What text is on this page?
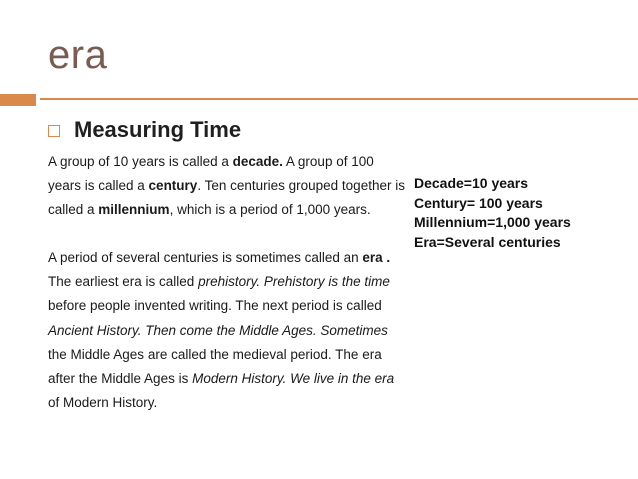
era
Measuring Time
A group of 10 years is called a decade. A group of 100
years is called a century. Ten centuries grouped together is
called a millennium, which is a period of 1,000 years.
A period of several centuries is sometimes called an era .
The earliest era is called prehistory. Prehistory is the time
before people invented writing. The next period is called
Ancient History. Then come the Middle Ages. Sometimes
the Middle Ages are called the medieval period. The era
after the Middle Ages is Modern History. We live in the era
of Modern History.
Decade=10 years
Century= 100 years
Millennium=1,000 years
Era=Several centuries
